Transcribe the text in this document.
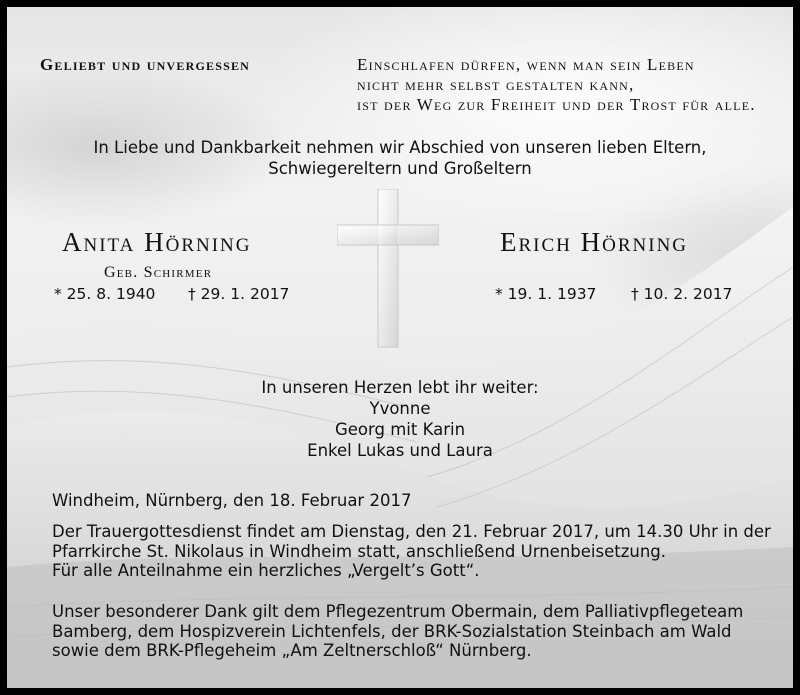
Geliebt und unvergessen	Einschlafen dürfen, wenn man sein Leben
nicht mehr selbst gestalten kann,
ist der Weg zur Freiheit und der Trost für alle.
In Liebe und Dankbarkeit nehmen wir Abschied von unseren lieben Eltern,
Schwiegereltern und Großeltern
Anita Hörning
Geb. Schirmer
* 25. 8. 1940 † 29. 1. 2017
Erich Hörning
* 19. 1. 1937 † 10. 2. 2017
In unseren Herzen lebt ihr weiter:
Yvonne
Georg mit Karin
Enkel Lukas und Laura
Windheim, Nürnberg, den 18. Februar 2017
Der Trauergottesdienst findet am Dienstag, den 21. Februar 2017, um 14.30 Uhr in der
Pfarrkirche St. Nikolaus in Windheim statt, anschließend Urnenbeisetzung.
Für alle Anteilnahme ein herzliches „Vergelt’s Gott“.
Unser besonderer Dank gilt dem Pflegezentrum Obermain, dem Palliativpflegeteam
Bamberg, dem Hospizverein Lichtenfels, der BRK-Sozialstation Steinbach am Wald
sowie dem BRK-Pflegeheim „Am Zeltnerschloß“ Nürnberg.
